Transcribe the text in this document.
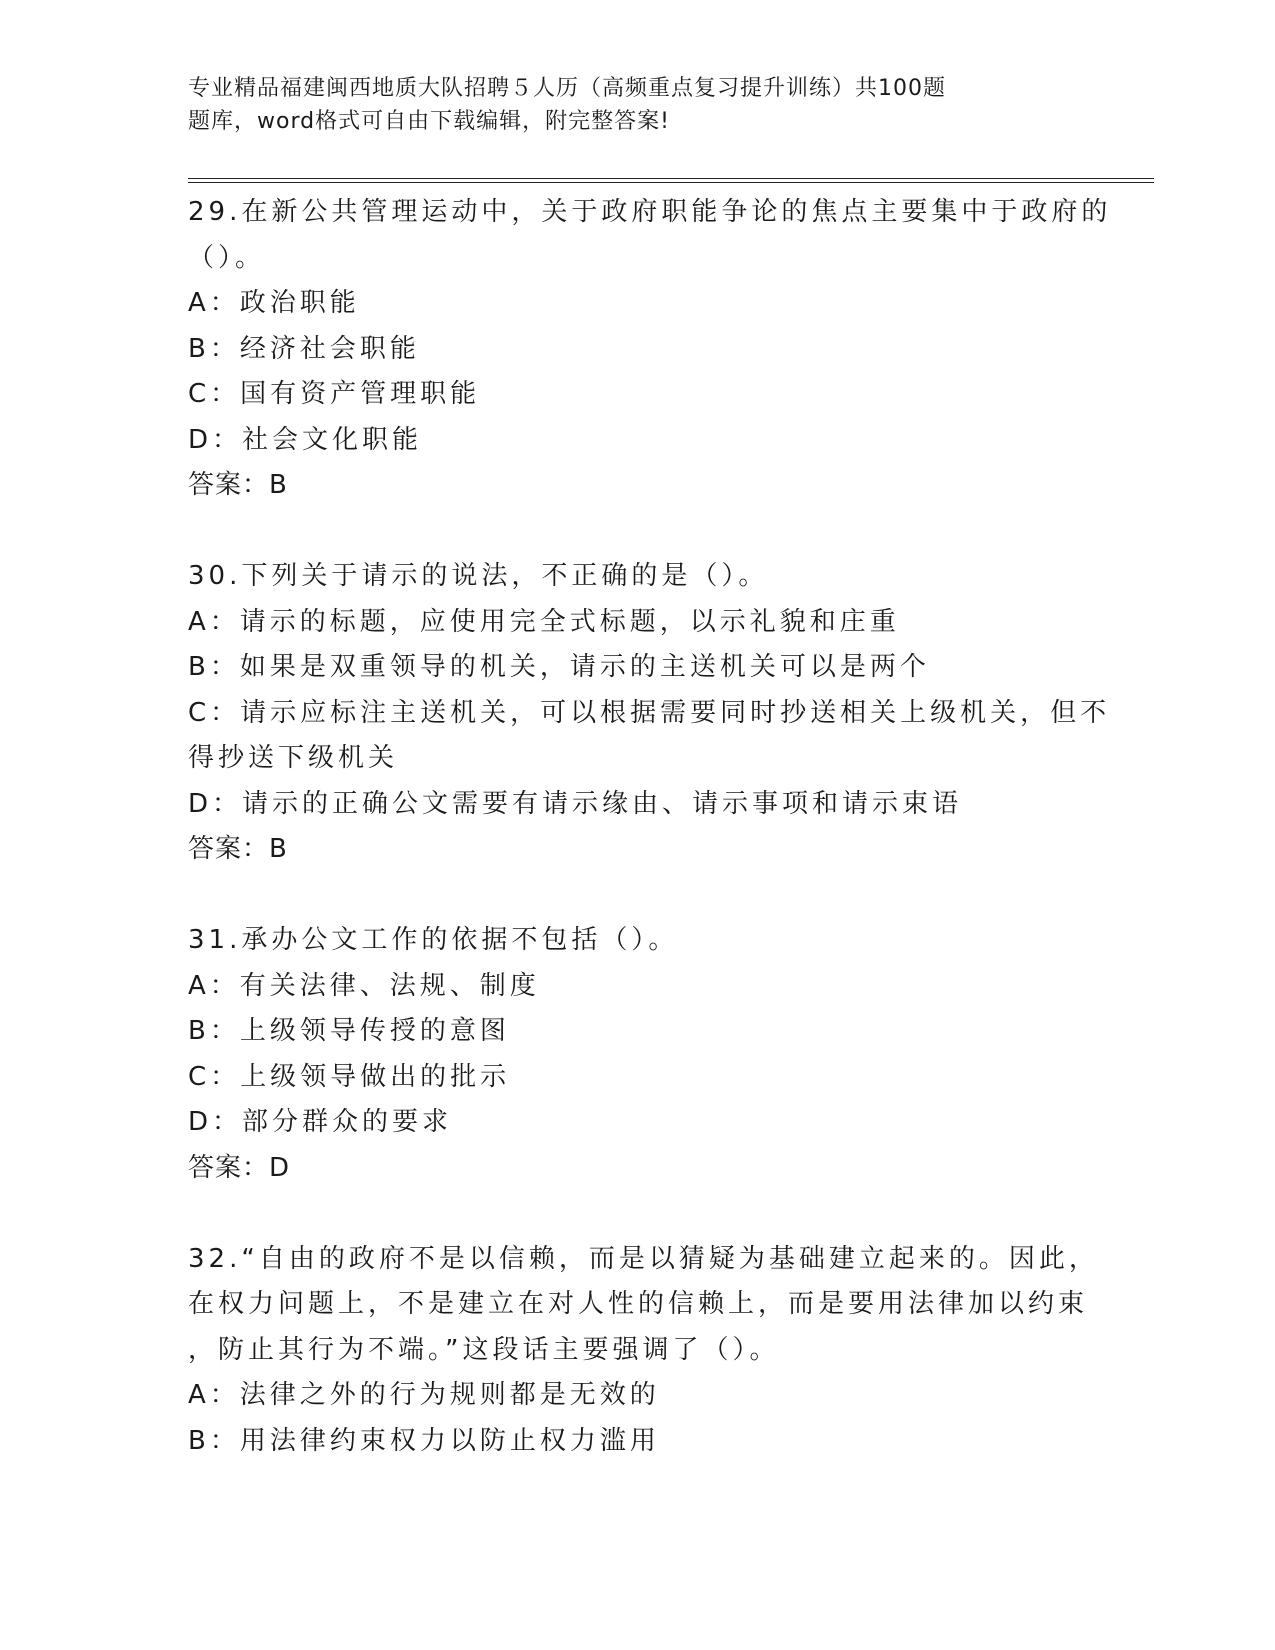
专业精品福建闽西地质大队招聘５人历（高频重点复习提升训练）共100题
题库，word格式可自由下载编辑，附完整答案!
29.在新公共管理运动中，关于政府职能争论的焦点主要集中于政府的
（）。
A：政治职能
B：经济社会职能
C：国有资产管理职能
D：社会文化职能
答案：B
30.下列关于请示的说法，不正确的是（）。
A：请示的标题，应使用完全式标题，以示礼貌和庄重
B：如果是双重领导的机关，请示的主送机关可以是两个
C：请示应标注主送机关，可以根据需要同时抄送相关上级机关，但不
得抄送下级机关
D：请示的正确公文需要有请示缘由、请示事项和请示束语
答案：B
31.承办公文工作的依据不包括（）。
A：有关法律、法规、制度
B：上级领导传授的意图
C：上级领导做出的批示
D：部分群众的要求
答案：D
32.“自由的政府不是以信赖，而是以猜疑为基础建立起来的。因此，
在权力问题上，不是建立在对人性的信赖上，而是要用法律加以约束
，防止其行为不端。”这段话主要强调了（）。
A：法律之外的行为规则都是无效的
B：用法律约束权力以防止权力滥用
